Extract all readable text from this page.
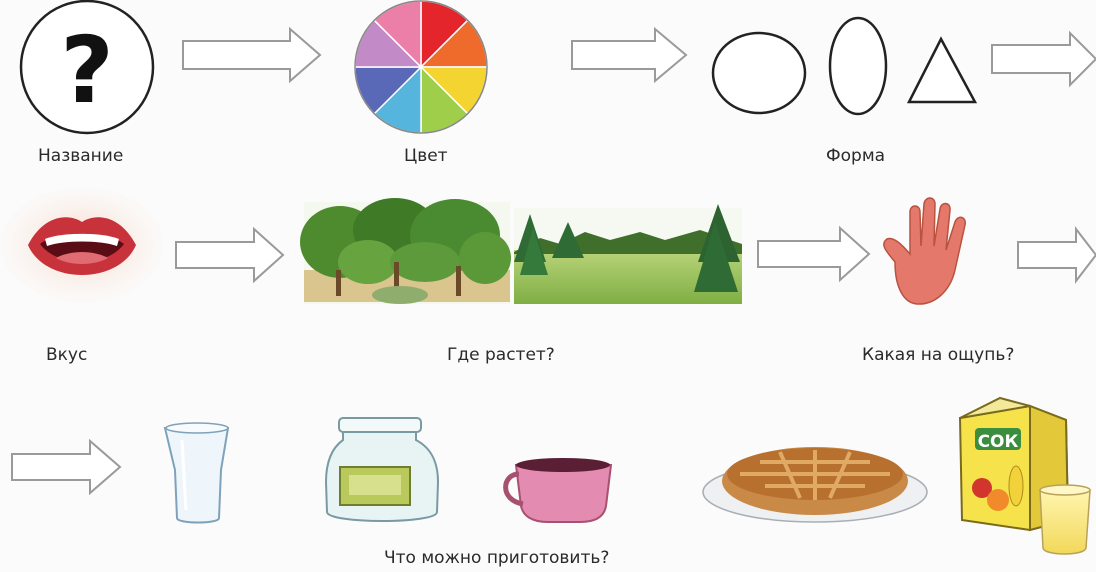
?
СОК
Название	Цвет	Форма
Вкус	Где растет?	Какая на ощупь?
Что можно приготовить?
